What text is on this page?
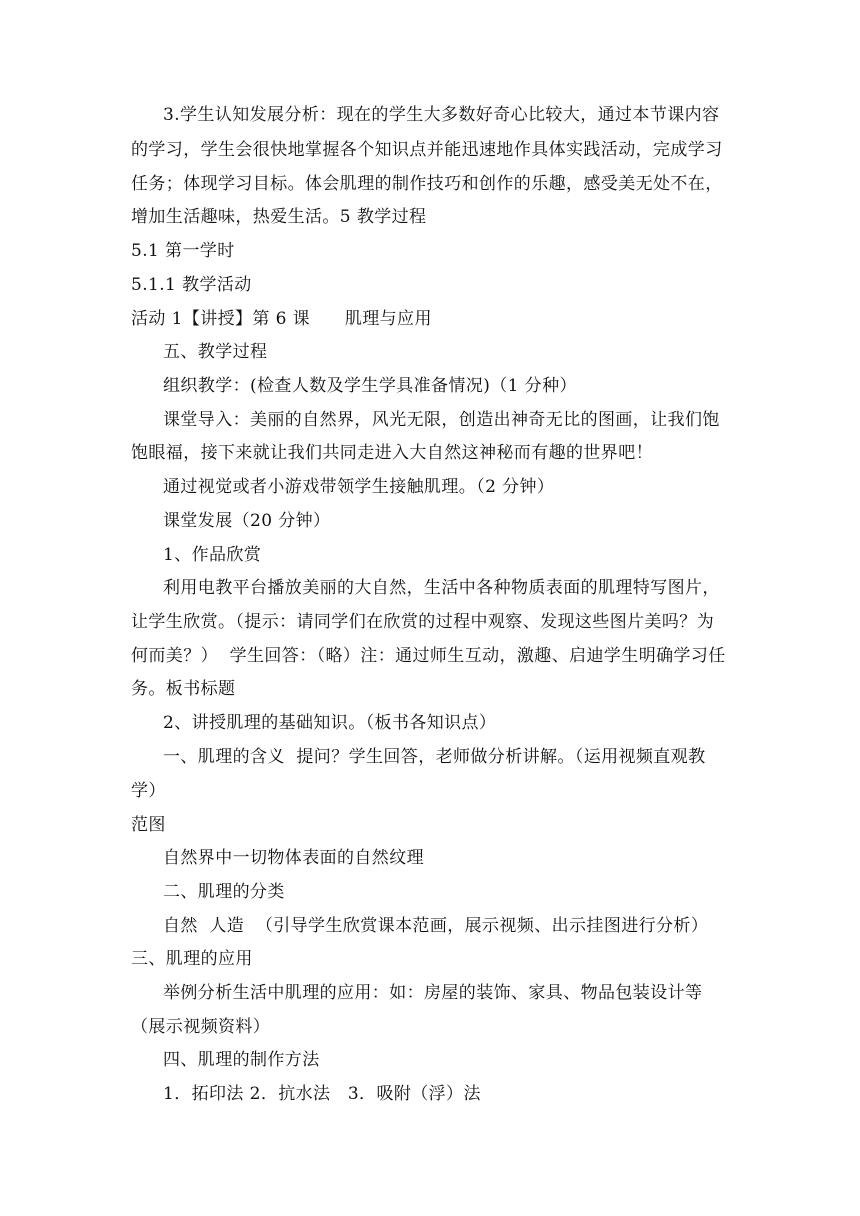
3.学生认知发展分析：现在的学生大多数好奇心比较大，通过本节课内容
的学习，学生会很快地掌握各个知识点并能迅速地作具体实践活动，完成学习
任务；体现学习目标。体会肌理的制作技巧和创作的乐趣，感受美无处不在，
增加生活趣味，热爱生活。5 教学过程
5.1 第一学时
5.1.1 教学活动
活动 1【讲授】第 6 课　　肌理与应用
五、教学过程
组织教学：(检查人数及学生学具准备情况)（1 分种）
课堂导入：美丽的自然界，风光无限，创造出神奇无比的图画，让我们饱
饱眼福，接下来就让我们共同走进入大自然这神秘而有趣的世界吧！
通过视觉或者小游戏带领学生接触肌理。（2 分钟）
课堂发展（20 分钟）
1、作品欣赏
利用电教平台播放美丽的大自然，生活中各种物质表面的肌理特写图片，
让学生欣赏。（提示：请同学们在欣赏的过程中观察、发现这些图片美吗？为
何而美？）  学生回答：（略）注：通过师生互动，激趣、启迪学生明确学习任
务。板书标题
2、讲授肌理的基础知识。（板书各知识点）
一、肌理的含义  提问？学生回答，老师做分析讲解。（运用视频直观教
学）
范图
自然界中一切物体表面的自然纹理
二、肌理的分类
自然  人造  （引导学生欣赏课本范画，展示视频、出示挂图进行分析）
三、肌理的应用
举例分析生活中肌理的应用：如：房屋的装饰、家具、物品包装设计等
（展示视频资料）
四、肌理的制作方法
1．拓印法 2．抗水法　3．吸附（浮）法
